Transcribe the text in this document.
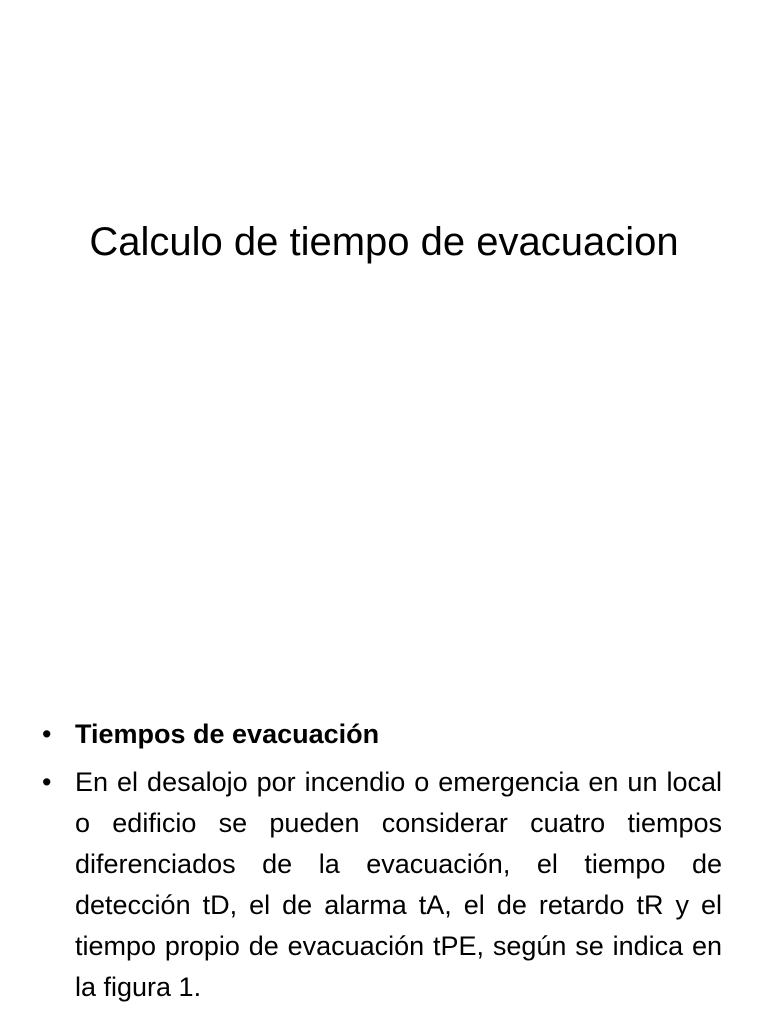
Calculo de tiempo de evacuacion
• Tiempos de evacuación
• En el desalojo por incendio o emergencia en un local o edificio se pueden considerar cuatro tiempos diferenciados de la evacuación, el tiempo de detección tD, el de alarma tA, el de retardo tR y el tiempo propio de evacuación tPE, según se indica en la figura 1.
